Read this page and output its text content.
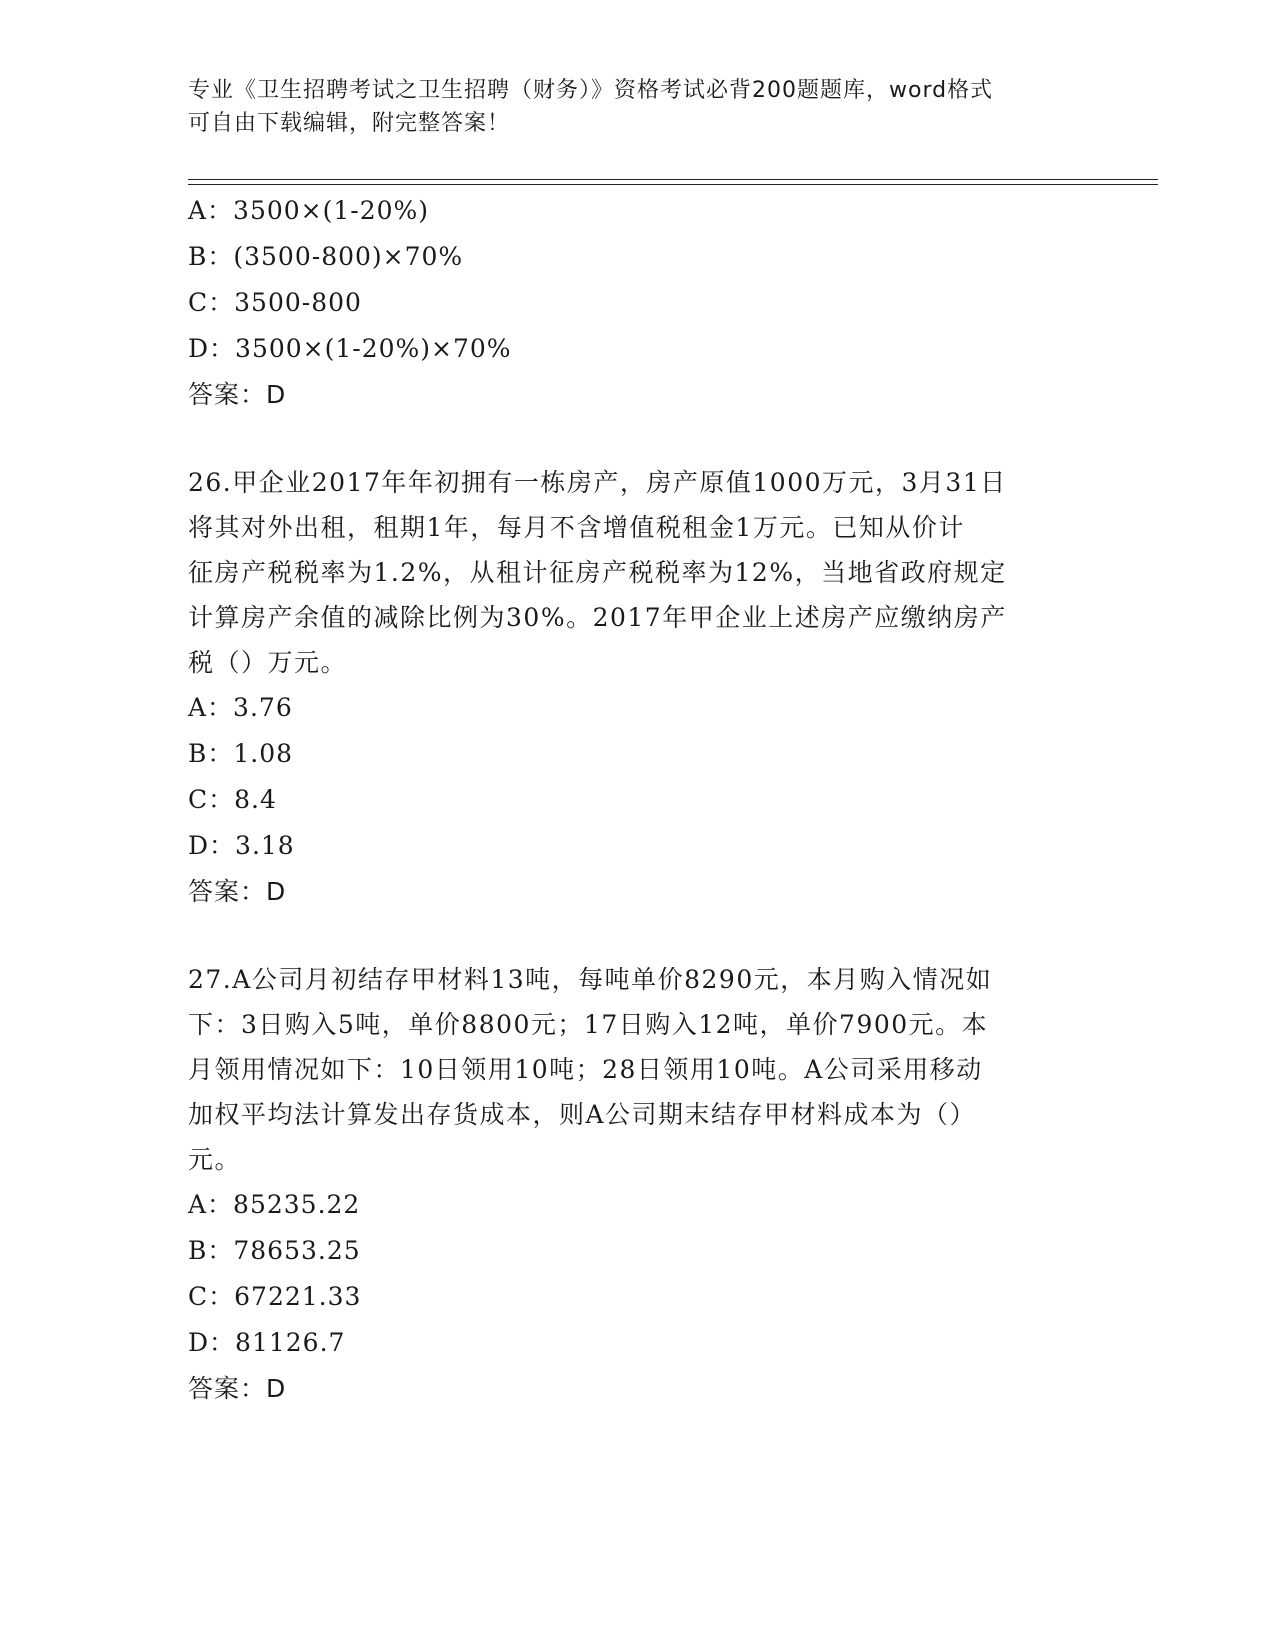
专业《卫生招聘考试之卫生招聘（财务）》资格考试必背200题题库，word格式
可自由下载编辑，附完整答案！
A：3500×(1-20%)
B：(3500-800)×70%
C：3500-800
D：3500×(1-20%)×70%
答案：D
26.甲企业2017年年初拥有一栋房产，房产原值1000万元，3月31日
将其对外出租，租期1年，每月不含增值税租金1万元。已知从价计
征房产税税率为1.2%，从租计征房产税税率为12%，当地省政府规定
计算房产余值的减除比例为30%。2017年甲企业上述房产应缴纳房产
税（）万元。
A：3.76
B：1.08
C：8.4
D：3.18
答案：D
27.A公司月初结存甲材料13吨，每吨单价8290元，本月购入情况如
下：3日购入5吨，单价8800元；17日购入12吨，单价7900元。本
月领用情况如下：10日领用10吨；28日领用10吨。A公司采用移动
加权平均法计算发出存货成本，则A公司期末结存甲材料成本为（）
元。
A：85235.22
B：78653.25
C：67221.33
D：81126.7
答案：D
